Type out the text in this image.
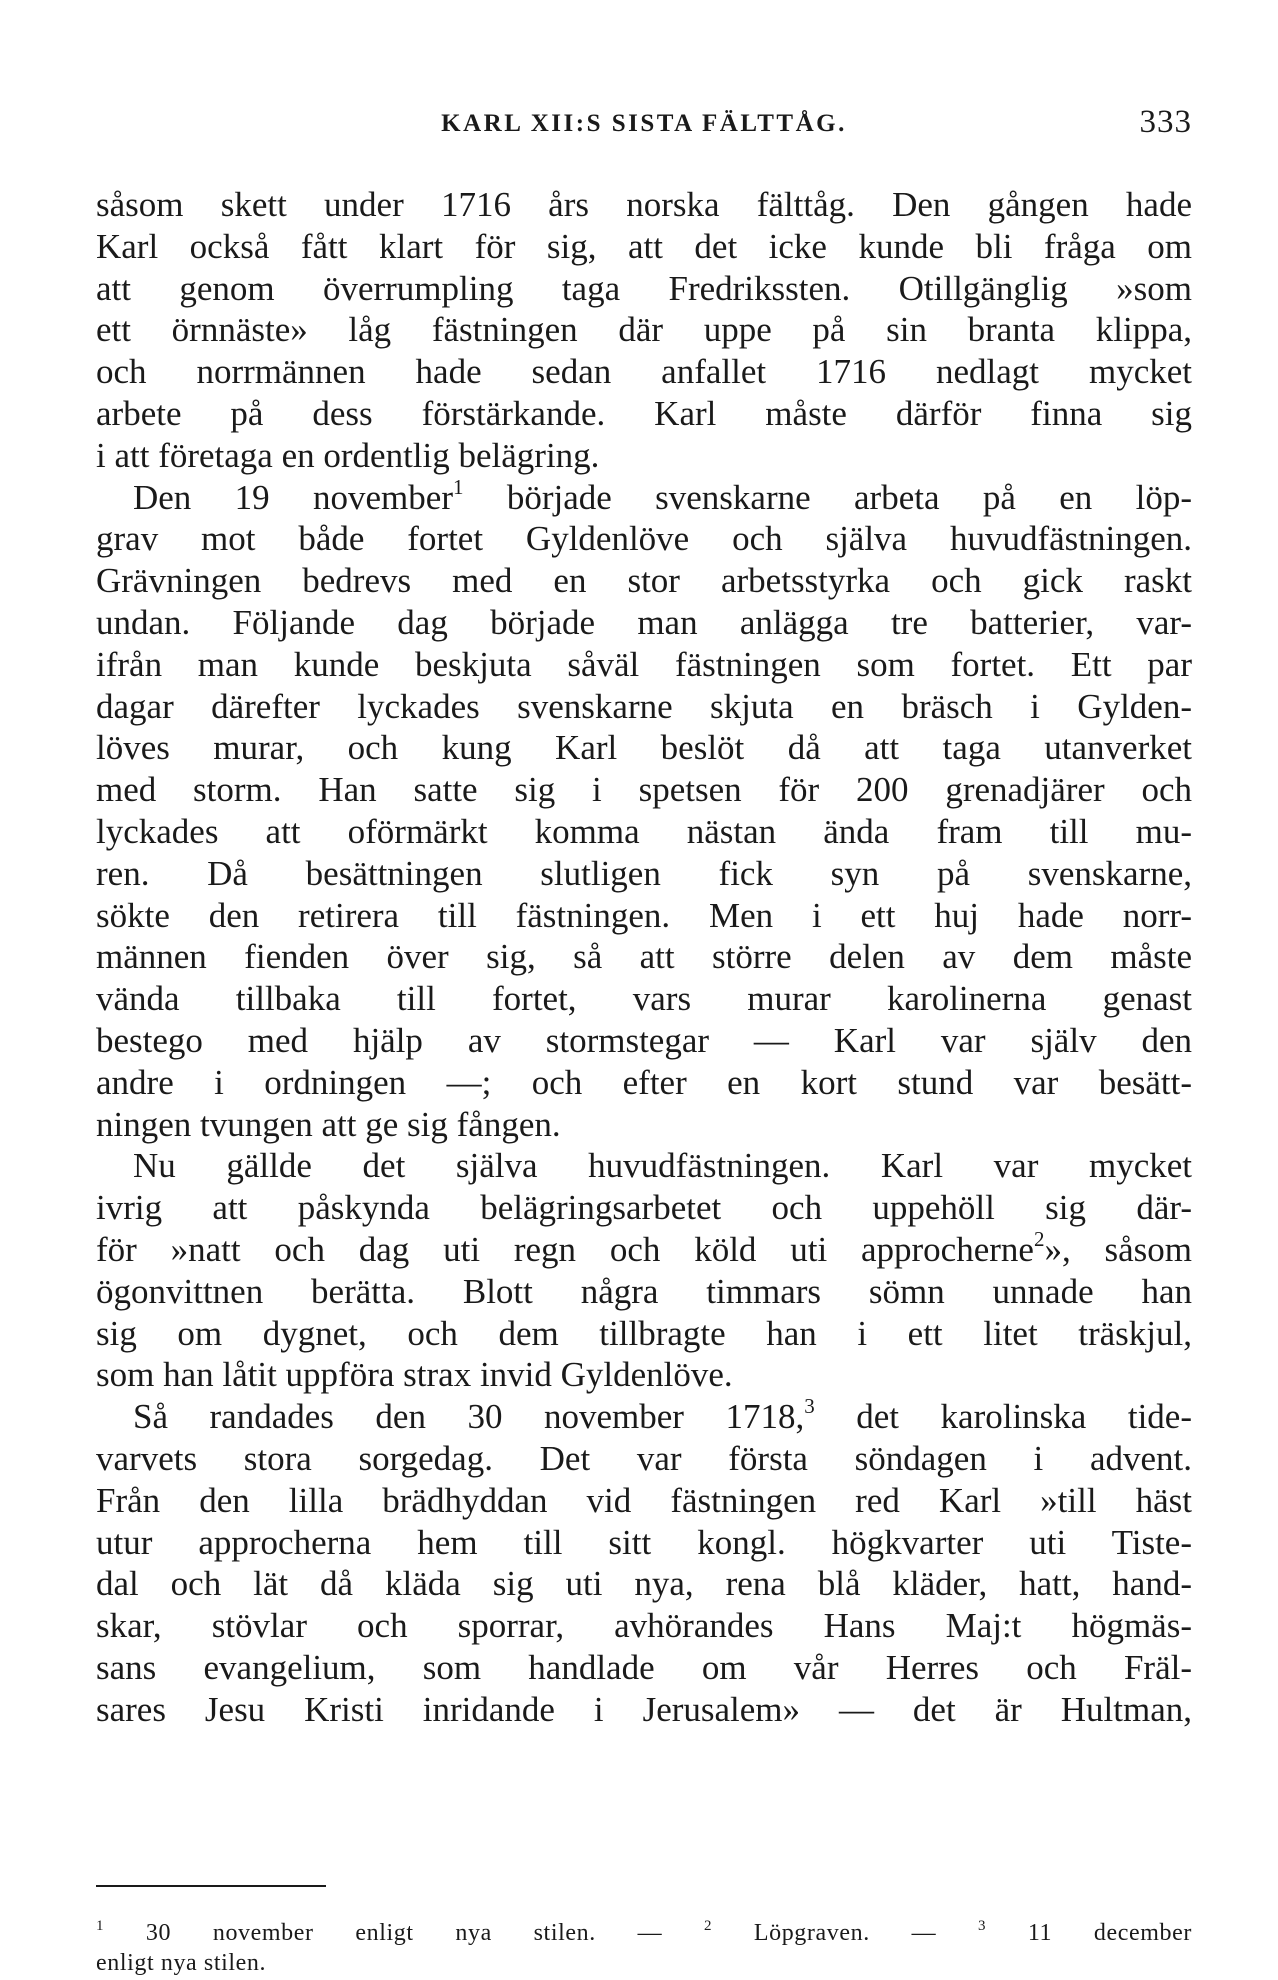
KARL XII:S SISTA FÄLTTÅG.	333
såsom skett under 1716 års norska fälttåg. Den gången hade
Karl också fått klart för sig, att det icke kunde bli fråga om
att genom överrumpling taga Fredrikssten. Otillgänglig »som
ett örnnäste» låg fästningen där uppe på sin branta klippa,
och norrmännen hade sedan anfallet 1716 nedlagt mycket
arbete på dess förstärkande. Karl måste därför finna sig
i att företaga en ordentlig belägring.
Den 19 november$^1$ började svenskarne arbeta på en löp-
grav mot både fortet Gyldenlöve och själva huvudfästningen.
Grävningen bedrevs med en stor arbetsstyrka och gick raskt
undan. Följande dag började man anlägga tre batterier, var-
ifrån man kunde beskjuta såväl fästningen som fortet. Ett par
dagar därefter lyckades svenskarne skjuta en bräsch i Gylden-
löves murar, och kung Karl beslöt då att taga utanverket
med storm. Han satte sig i spetsen för 200 grenadjärer och
lyckades att oförmärkt komma nästan ända fram till mu-
ren. Då besättningen slutligen fick syn på svenskarne,
sökte den retirera till fästningen. Men i ett huj hade norr-
männen fienden över sig, så att större delen av dem måste
vända tillbaka till fortet, vars murar karolinerna genast
bestego med hjälp av stormstegar — Karl var själv den
andre i ordningen —; och efter en kort stund var besätt-
ningen tvungen att ge sig fången.
Nu gällde det själva huvudfästningen. Karl var mycket
ivrig att påskynda belägringsarbetet och uppehöll sig där-
för »natt och dag uti regn och köld uti approcherne$^2$», såsom
ögonvittnen berätta. Blott några timmars sömn unnade han
sig om dygnet, och dem tillbragte han i ett litet träskjul,
som han låtit uppföra strax invid Gyldenlöve.
Så randades den 30 november 1718,$^3$ det karolinska tide-
varvets stora sorgedag. Det var första söndagen i advent.
Från den lilla brädhyddan vid fästningen red Karl »till häst
utur approcherna hem till sitt kongl. högkvarter uti Tiste-
dal och lät då kläda sig uti nya, rena blå kläder, hatt, hand-
skar, stövlar och sporrar, avhörandes Hans Maj:t högmäs-
sans evangelium, som handlade om vår Herres och Fräl-
sares Jesu Kristi inridande i Jerusalem» — det är Hultman,
$^1$ 30 november enligt nya stilen. —	$^2$ Löpgraven. —	$^3$ 11 december
enligt nya stilen.
